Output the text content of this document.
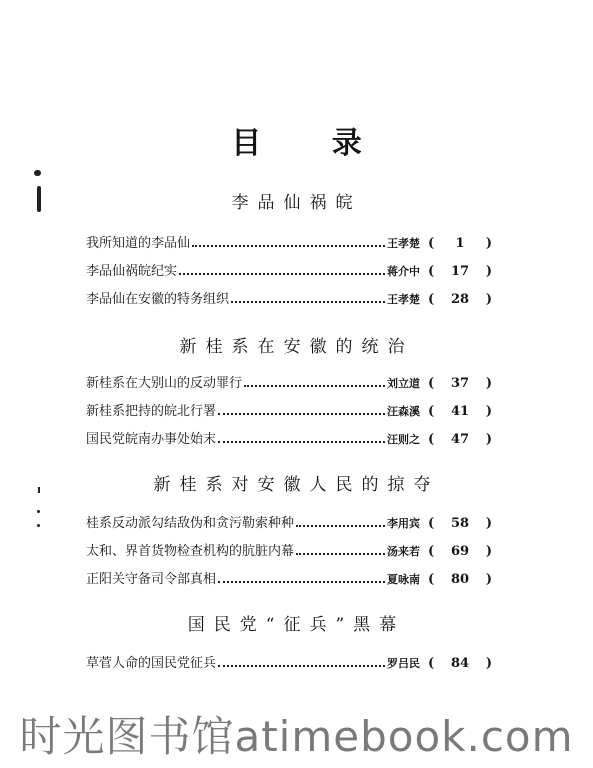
目 录
李品仙祸皖
我所知道的李品仙	王孝楚 ( 1 )
李品仙祸皖纪实	蒋介中 ( 17 )
李品仙在安徽的特务组织	王孝楚 ( 28 )
新桂系在安徽的统治
新桂系在大别山的反动罪行	刘立道 ( 37 )
新桂系把持的皖北行署	汪森溪 ( 41 )
国民党皖南办事处始末	汪则之 ( 47 )
新桂系对安徽人民的掠夺
桂系反动派勾结敌伪和贪污勒索种种	李用宾 ( 58 )
太和、界首货物检查机构的肮脏内幕	汤来若 ( 69 )
正阳关守备司令部真相	夏咏南 ( 80 )
国民党“征兵”黑幕
草菅人命的国民党征兵	罗吕民 ( 84 )
时光图书馆atimebook.com
